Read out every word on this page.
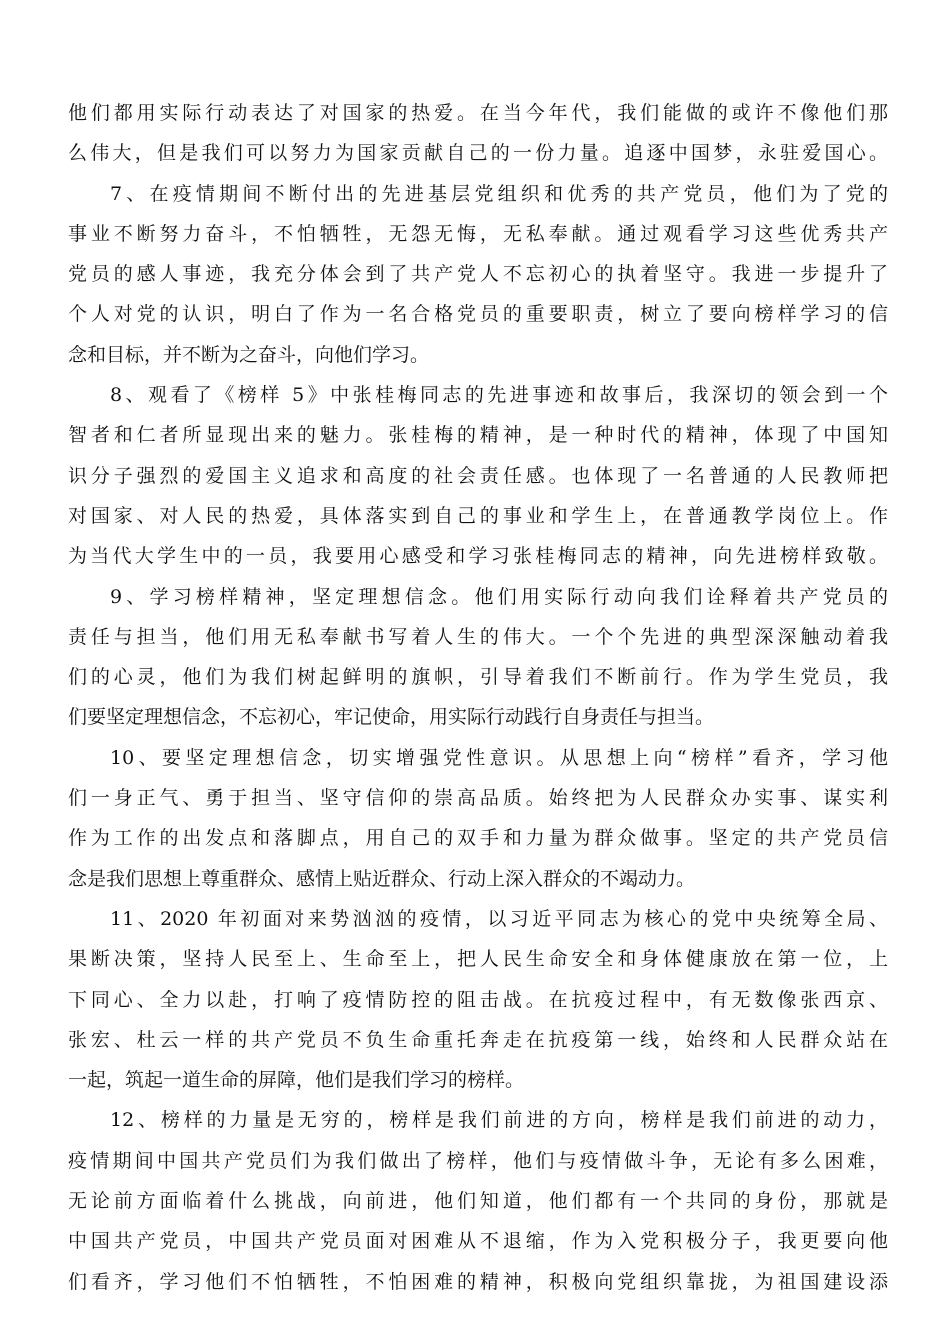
他们都用实际行动表达了对国家的热爱。在当今年代，我们能做的或许不像他们那
么伟大，但是我们可以努力为国家贡献自己的一份力量。追逐中国梦，永驻爱国心。
7、在疫情期间不断付出的先进基层党组织和优秀的共产党员，他们为了党的
事业不断努力奋斗，不怕牺牲，无怨无悔，无私奉献。通过观看学习这些优秀共产
党员的感人事迹，我充分体会到了共产党人不忘初心的执着坚守。我进一步提升了
个人对党的认识，明白了作为一名合格党员的重要职责，树立了要向榜样学习的信
念和目标，并不断为之奋斗，向他们学习。
8、观看了《榜样 5》中张桂梅同志的先进事迹和故事后，我深切的领会到一个
智者和仁者所显现出来的魅力。张桂梅的精神，是一种时代的精神，体现了中国知
识分子强烈的爱国主义追求和高度的社会责任感。也体现了一名普通的人民教师把
对国家、对人民的热爱，具体落实到自己的事业和学生上，在普通教学岗位上。作
为当代大学生中的一员，我要用心感受和学习张桂梅同志的精神，向先进榜样致敬。
9、学习榜样精神，坚定理想信念。他们用实际行动向我们诠释着共产党员的
责任与担当，他们用无私奉献书写着人生的伟大。一个个先进的典型深深触动着我
们的心灵，他们为我们树起鲜明的旗帜，引导着我们不断前行。作为学生党员，我
们要坚定理想信念，不忘初心，牢记使命，用实际行动践行自身责任与担当。
10、要坚定理想信念，切实增强党性意识。从思想上向“榜样”看齐，学习他
们一身正气、勇于担当、坚守信仰的崇高品质。始终把为人民群众办实事、谋实利
作为工作的出发点和落脚点，用自己的双手和力量为群众做事。坚定的共产党员信
念是我们思想上尊重群众、感情上贴近群众、行动上深入群众的不竭动力。
11、2020 年初面对来势汹汹的疫情，以习近平同志为核心的党中央统筹全局、
果断决策，坚持人民至上、生命至上，把人民生命安全和身体健康放在第一位，上
下同心、全力以赴，打响了疫情防控的阻击战。在抗疫过程中，有无数像张西京、
张宏、杜云一样的共产党员不负生命重托奔走在抗疫第一线，始终和人民群众站在
一起，筑起一道生命的屏障，他们是我们学习的榜样。
12、榜样的力量是无穷的，榜样是我们前进的方向，榜样是我们前进的动力，
疫情期间中国共产党员们为我们做出了榜样，他们与疫情做斗争，无论有多么困难，
无论前方面临着什么挑战，向前进，他们知道，他们都有一个共同的身份，那就是
中国共产党员，中国共产党员面对困难从不退缩，作为入党积极分子，我更要向他
们看齐，学习他们不怕牺牲，不怕困难的精神，积极向党组织靠拢，为祖国建设添
